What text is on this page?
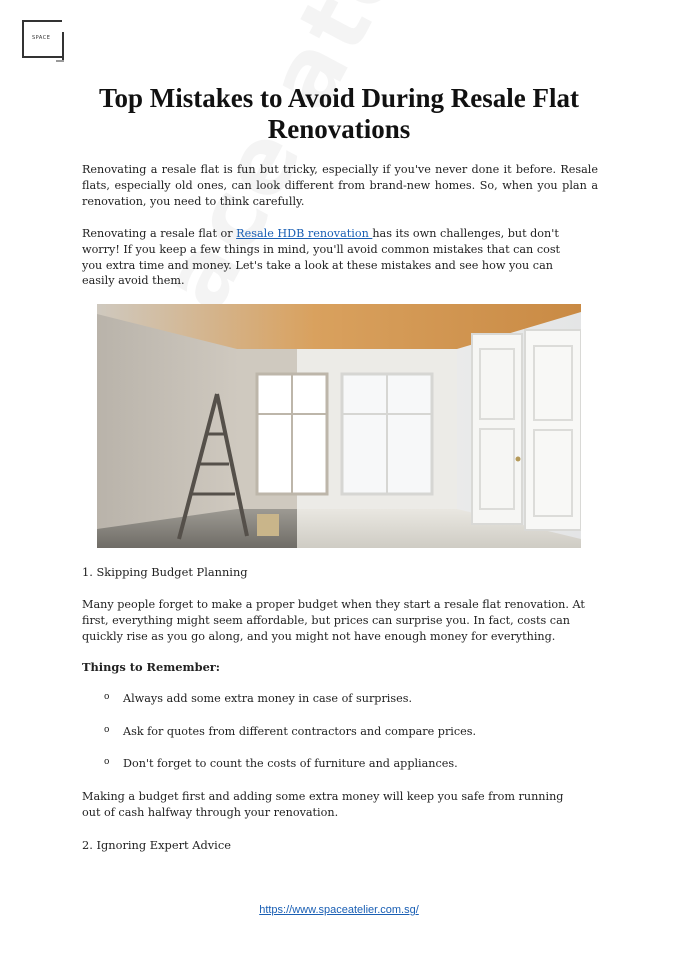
SPACE
Top Mistakes to Avoid During Resale Flat Renovations

Renovating a resale flat is fun but tricky, especially if you've never done it before. Resale flats, especially old ones, can look different from brand-new homes. So, when you plan a renovation, you need to think carefully.

Renovating a resale flat or Resale HDB renovation has its own challenges, but don't worry! If you keep a few things in mind, you'll avoid common mistakes that can cost you extra time and money. Let's take a look at these mistakes and see how you can easily avoid them.

1. Skipping Budget Planning

Many people forget to make a proper budget when they start a resale flat renovation. At first, everything might seem affordable, but prices can surprise you. In fact, costs can quickly rise as you go along, and you might not have enough money for everything.

Things to Remember:
o Always add some extra money in case of surprises.
o Ask for quotes from different contractors and compare prices.
o Don't forget to count the costs of furniture and appliances.

Making a budget first and adding some extra money will keep you safe from running out of cash halfway through your renovation.

2. Ignoring Expert Advice
https://www.spaceatelier.com.sg/
